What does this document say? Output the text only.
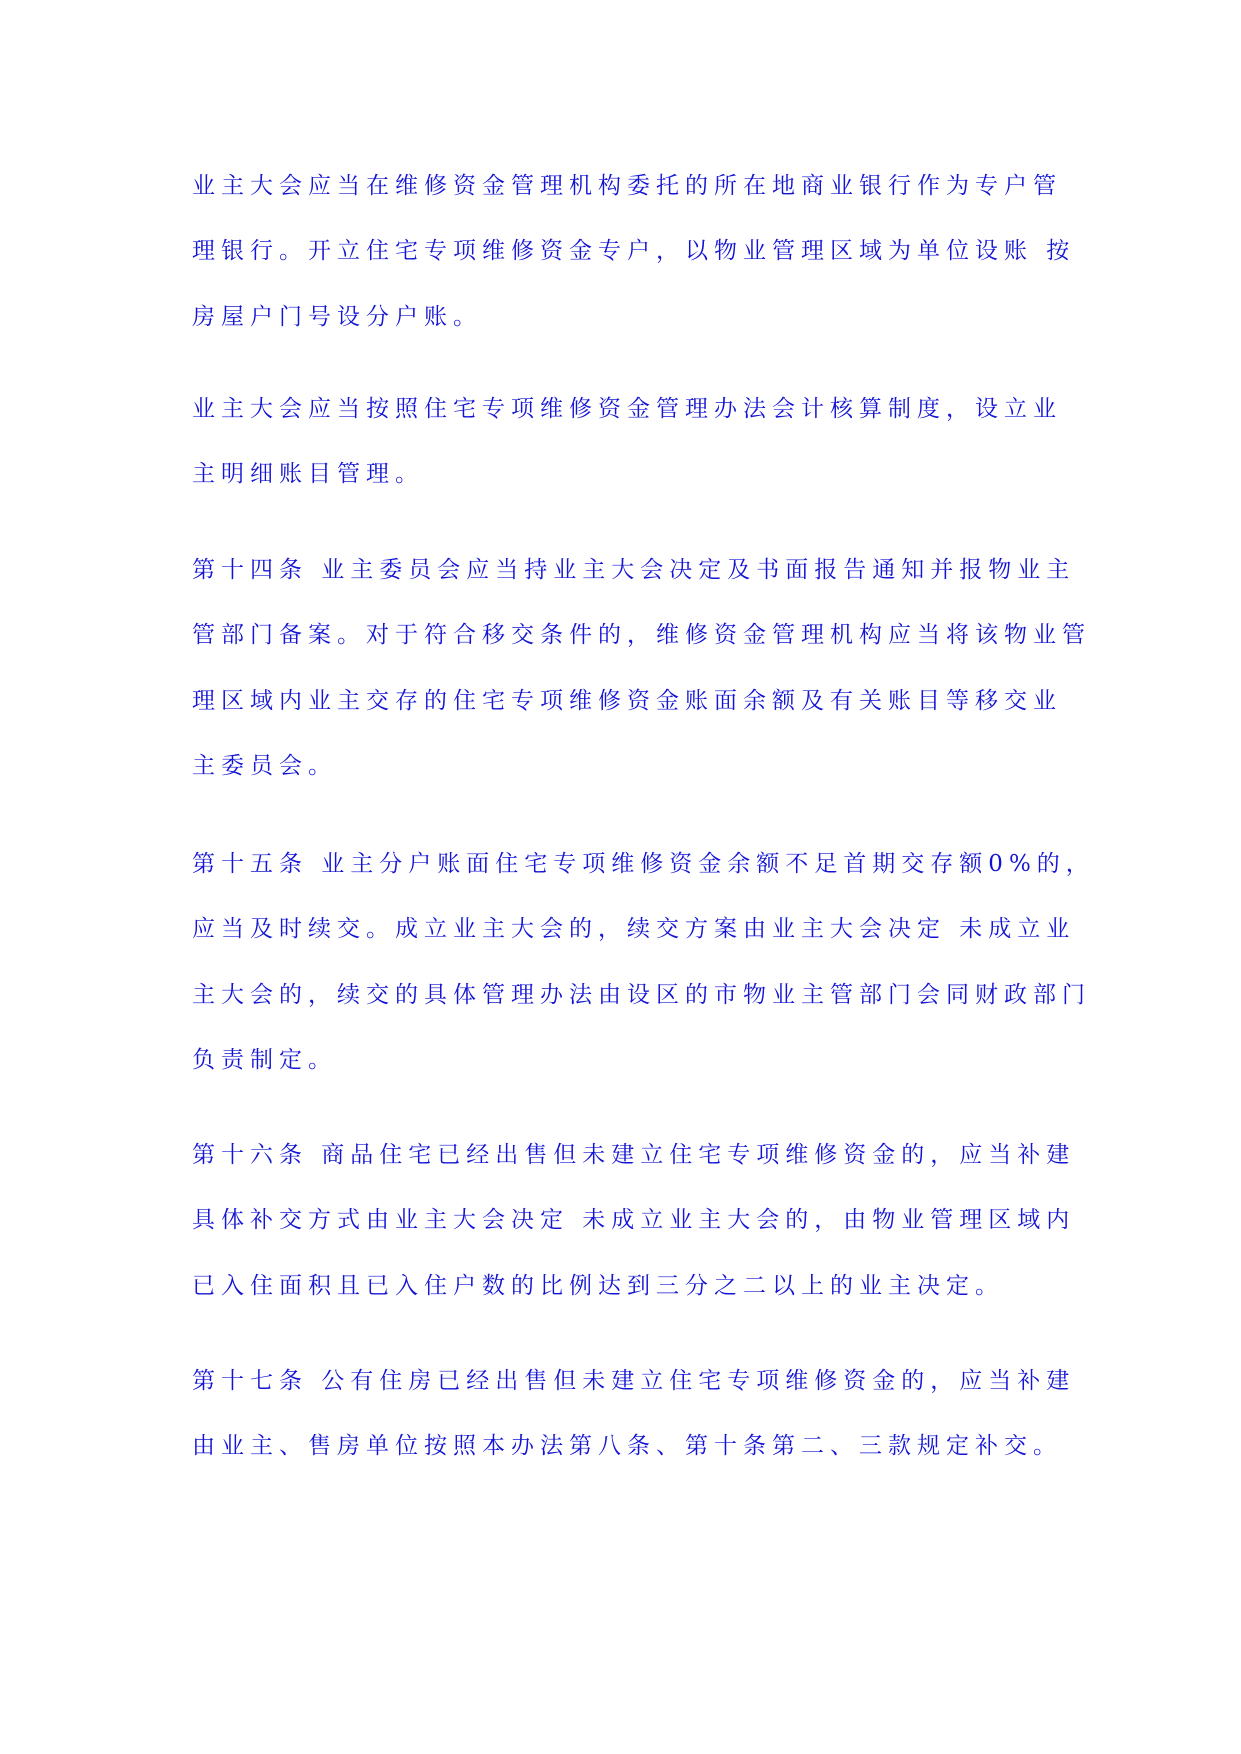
业主大会应当在维修资金管理机构委托的所在地商业银行作为专户管
理银行。开立住宅专项维修资金专户，以物业管理区域为单位设账 按
房屋户门号设分户账。
业主大会应当按照住宅专项维修资金管理办法会计核算制度，设立业
主明细账目管理。
第十四条 业主委员会应当持业主大会决定及书面报告通知并报物业主
管部门备案。对于符合移交条件的，维修资金管理机构应当将该物业管
理区域内业主交存的住宅专项维修资金账面余额及有关账目等移交业
主委员会。
第十五条 业主分户账面住宅专项维修资金余额不足首期交存额0%的，
应当及时续交。成立业主大会的，续交方案由业主大会决定 未成立业
主大会的，续交的具体管理办法由设区的市物业主管部门会同财政部门
负责制定。
第十六条 商品住宅已经出售但未建立住宅专项维修资金的，应当补建
具体补交方式由业主大会决定 未成立业主大会的，由物业管理区域内
已入住面积且已入住户数的比例达到三分之二以上的业主决定。
第十七条 公有住房已经出售但未建立住宅专项维修资金的，应当补建
由业主、售房单位按照本办法第八条、第十条第二、三款规定补交。
